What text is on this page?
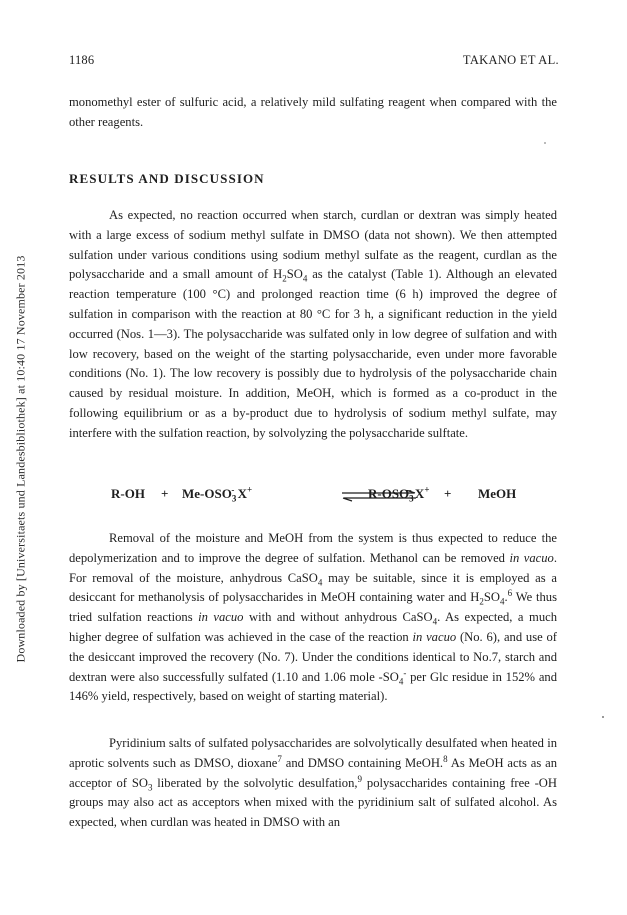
1186	TAKANO ET AL.
Downloaded by [Universitaets und Landesbibliothek] at 10:40 17 November 2013

monomethyl ester of sulfuric acid, a relatively mild sulfating reagent when compared with the other reagents.

RESULTS AND DISCUSSION

As expected, no reaction occurred when starch, curdlan or dextran was simply heated with a large excess of sodium methyl sulfate in DMSO (data not shown). We then attempted sulfation under various conditions using sodium methyl sulfate as the reagent, curdlan as the polysaccharide and a small amount of $H_2SO_4$ as the catalyst (Table 1). Although an elevated reaction temperature (100 °C) and prolonged reaction time (6 h) improved the degree of sulfation in comparison with the reaction at 80 °C for 3 h, a significant reduction in the yield occurred (Nos. 1—3). The polysaccharide was sulfated only in low degree of sulfation and with low recovery, based on the weight of the starting polysaccharide, even under more favorable conditions (No. 1). The low recovery is possibly due to hydrolysis of the polysaccharide chain caused by residual moisture. In addition, MeOH, which is formed as a co-product in the following equilibrium or as a by-product due to hydrolysis of sodium methyl sulfate, may interfere with the sulfation reaction, by solvolyzing the polysaccharide sulftate.

$R-OH + Me-OSO_3^-$ X+	$R-OSO_3^-$ X+ + MeOH

Removal of the moisture and MeOH from the system is thus expected to reduce the depolymerization and to improve the degree of sulfation. Methanol can be removed in vacuo. For removal of the moisture, anhydrous CaSO$_4$ may be suitable, since it is employed as a desiccant for methanolysis of polysaccharides in MeOH containing water and $H_2SO_4.^6$ We thus tried sulfation reactions in vacuo with and without anhydrous CaSO$_4$. As expected, a much higher degree of sulfation was achieved in the case of the reaction in vacuo (No. 6), and use of the desiccant improved the recovery (No. 7). Under the conditions identical to No.7, starch and dextran were also successfully sulfated (1.10 and 1.06 mole $-SO_4^-$ per Glc residue in 152% and 146% yield, respectively, based on weight of starting material).

Pyridinium salts of sulfated polysaccharides are solvolytically desulfated when heated in aprotic solvents such as DMSO, dioxane$^7$ and DMSO containing MeOH.$^8$ As MeOH acts as an acceptor of $SO_3$ liberated by the solvolytic desulfation,$^9$ polysaccharides containing free -OH groups may also act as acceptors when mixed with the pyridinium salt of sulfated alcohol. As expected, when curdlan was heated in DMSO with an
